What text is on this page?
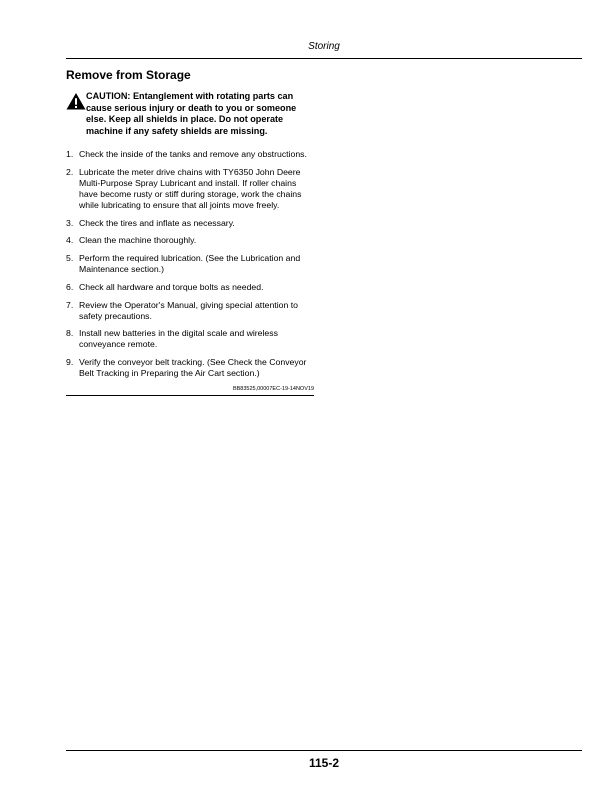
Storing
Remove from Storage
CAUTION: Entanglement with rotating parts can cause serious injury or death to you or someone else. Keep all shields in place. Do not operate machine if any safety shields are missing.
1. Check the inside of the tanks and remove any obstructions.
2. Lubricate the meter drive chains with TY6350 John Deere Multi-Purpose Spray Lubricant and install. If roller chains have become rusty or stiff during storage, work the chains while lubricating to ensure that all joints move freely.
3. Check the tires and inflate as necessary.
4. Clean the machine thoroughly.
5. Perform the required lubrication. (See the Lubrication and Maintenance section.)
6. Check all hardware and torque bolts as needed.
7. Review the Operator's Manual, giving special attention to safety precautions.
8. Install new batteries in the digital scale and wireless conveyance remote.
9. Verify the conveyor belt tracking. (See Check the Conveyor Belt Tracking in Preparing the Air Cart section.)
BB83525,00007EC-19-14NOV19
115-2
